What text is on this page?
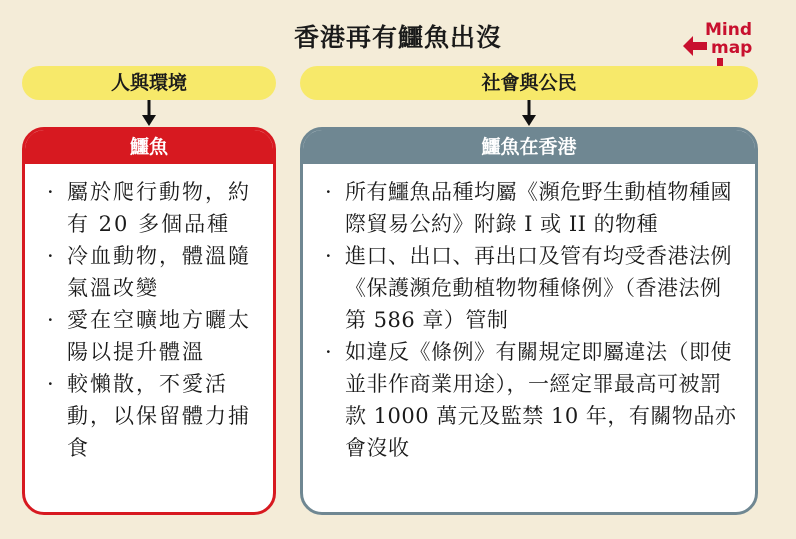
香港再有鱷魚出沒	Mind
map
人與環境	社會與公民
鱷魚
· 屬於爬行動物，約有 20 多個品種
· 冷血動物，體溫隨氣溫改變
· 愛在空曠地方曬太陽以提升體溫
· 較懶散，不愛活動，以保留體力捕食
鱷魚在香港
· 所有鱷魚品種均屬《瀕危野生動植物種國際貿易公約》附錄 I 或 II 的物種
· 進口、出口、再出口及管有均受香港法例《保護瀕危動植物物種條例》（香港法例第 586 章）管制
· 如違反《條例》有關規定即屬違法（即使並非作商業用途），一經定罪最高可被罰款 1000 萬元及監禁 10 年，有關物品亦會沒收
